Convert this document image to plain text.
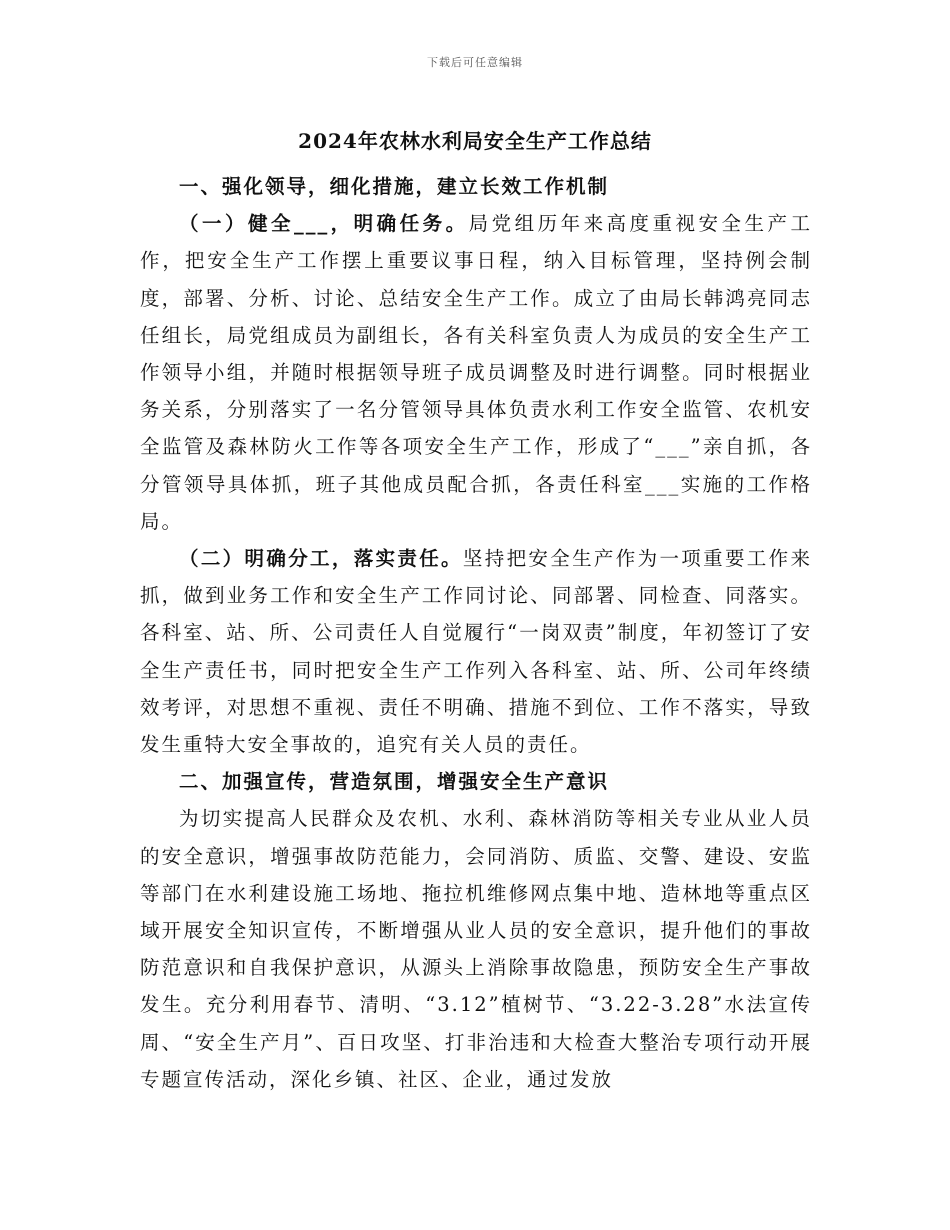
下载后可任意编辑
2024年农林水利局安全生产工作总结

一、强化领导，细化措施，建立长效工作机制

（一）健全___，明确任务。局党组历年来高度重视安全生产工作，把安全生产工作摆上重要议事日程，纳入目标管理，坚持例会制度，部署、分析、讨论、总结安全生产工作。成立了由局长韩鸿亮同志任组长，局党组成员为副组长，各有关科室负责人为成员的安全生产工作领导小组，并随时根据领导班子成员调整及时进行调整。同时根据业务关系，分别落实了一名分管领导具体负责水利工作安全监管、农机安全监管及森林防火工作等各项安全生产工作，形成了“___”亲自抓，各分管领导具体抓，班子其他成员配合抓，各责任科室___实施的工作格局。

（二）明确分工，落实责任。坚持把安全生产作为一项重要工作来抓，做到业务工作和安全生产工作同讨论、同部署、同检查、同落实。各科室、站、所、公司责任人自觉履行“一岗双责”制度，年初签订了安全生产责任书，同时把安全生产工作列入各科室、站、所、公司年终绩效考评，对思想不重视、责任不明确、措施不到位、工作不落实，导致发生重特大安全事故的，追究有关人员的责任。

二、加强宣传，营造氛围，增强安全生产意识

为切实提高人民群众及农机、水利、森林消防等相关专业从业人员的安全意识，增强事故防范能力，会同消防、质监、交警、建设、安监等部门在水利建设施工场地、拖拉机维修网点集中地、造林地等重点区域开展安全知识宣传，不断增强从业人员的安全意识，提升他们的事故防范意识和自我保护意识，从源头上消除事故隐患，预防安全生产事故发生。充分利用春节、清明、“3.12”植树节、“3.22-3.28”水法宣传周、“安全生产月”、百日攻坚、打非治违和大检查大整治专项行动开展专题宣传活动，深化乡镇、社区、企业，通过发放
